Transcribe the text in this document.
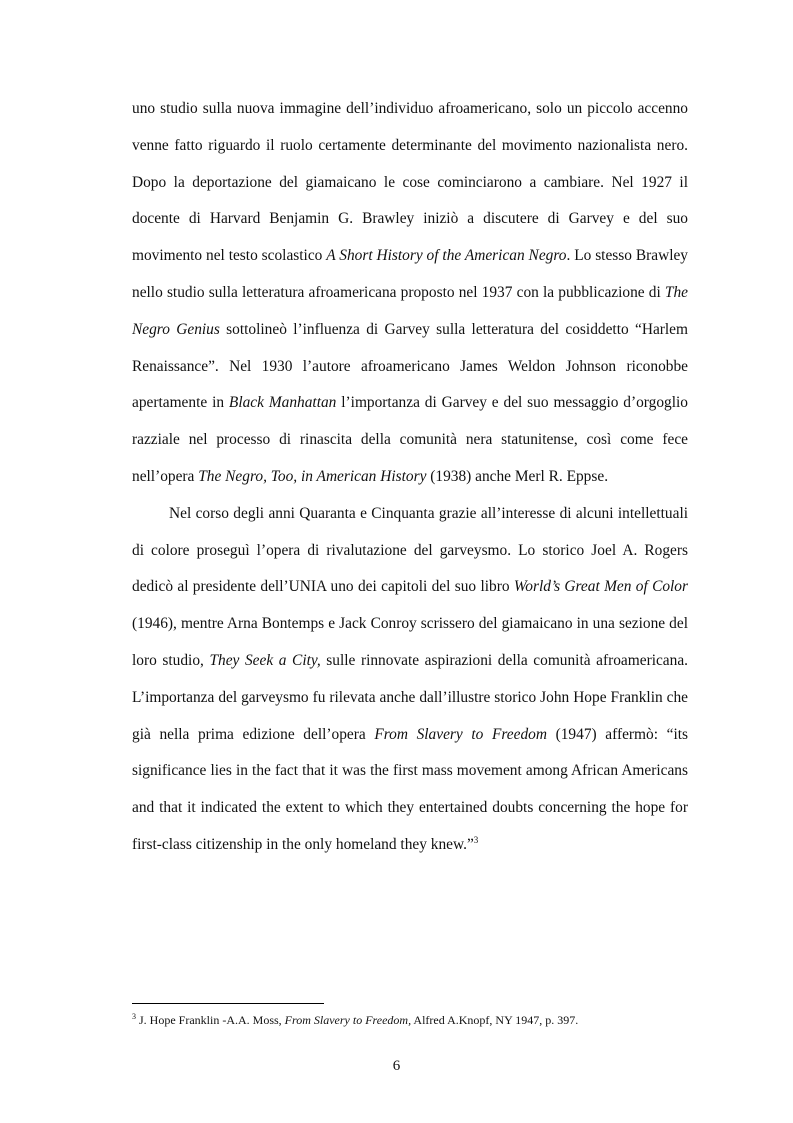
uno studio sulla nuova immagine dell’individuo afroamericano, solo un piccolo accenno venne fatto riguardo il ruolo certamente determinante del movimento nazionalista nero. Dopo la deportazione del giamaicano le cose cominciarono a cambiare. Nel 1927 il docente di Harvard Benjamin G. Brawley iniziò a discutere di Garvey e del suo movimento nel testo scolastico A Short History of the American Negro. Lo stesso Brawley nello studio sulla letteratura afroamericana proposto nel 1937 con la pubblicazione di The Negro Genius sottolineò l’influenza di Garvey sulla letteratura del cosiddetto “Harlem Renaissance”. Nel 1930 l’autore afroamericano James Weldon Johnson riconobbe apertamente in Black Manhattan l’importanza di Garvey e del suo messaggio d’orgoglio razziale nel processo di rinascita della comunità nera statunitense, così come fece nell’opera The Negro, Too, in American History (1938) anche Merl R. Eppse.

Nel corso degli anni Quaranta e Cinquanta grazie all’interesse di alcuni intellettuali di colore proseguì l’opera di rivalutazione del garveysmo. Lo storico Joel A. Rogers dedicò al presidente dell’UNIA uno dei capitoli del suo libro World’s Great Men of Color (1946), mentre Arna Bontemps e Jack Conroy scrissero del giamaicano in una sezione del loro studio, They Seek a City, sulle rinnovate aspirazioni della comunità afroamericana. L’importanza del garveysmo fu rilevata anche dall’illustre storico John Hope Franklin che già nella prima edizione dell’opera From Slavery to Freedom (1947) affermò: “its significance lies in the fact that it was the first mass movement among African Americans and that it indicated the extent to which they entertained doubts concerning the hope for first-class citizenship in the only homeland they knew.”$^3$

$^3$ J. Hope Franklin -A.A. Moss, From Slavery to Freedom, Alfred A.Knopf, NY 1947, p. 397.
6
